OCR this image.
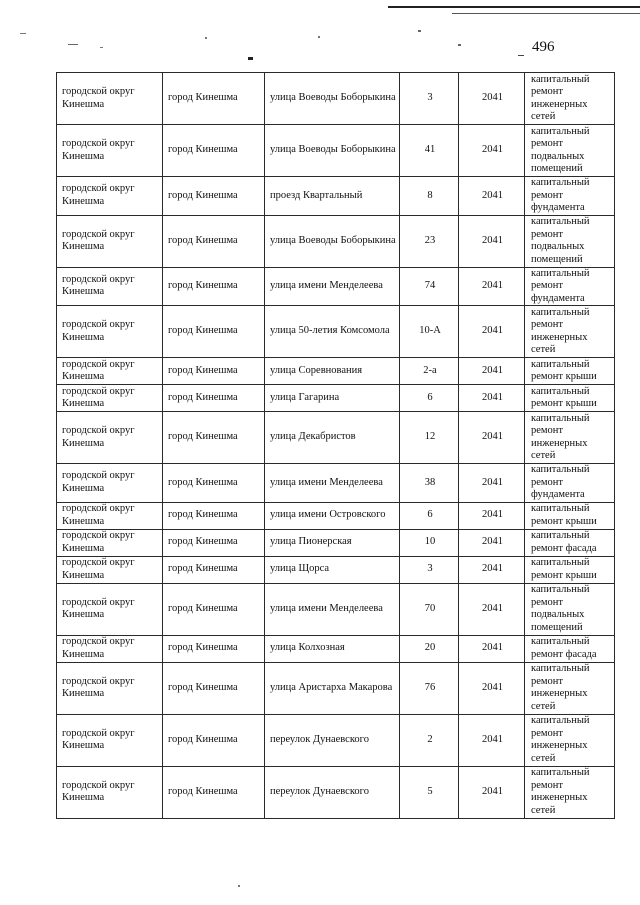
496
городской округ Кинешма	город Кинешма	улица Воеводы Боборыкина	3	2041	капитальный ремонт инженерных сетей
городской округ Кинешма	город Кинешма	улица Воеводы Боборыкина	41	2041	капитальный ремонт подвальных помещений
городской округ Кинешма	город Кинешма	проезд Квартальный	8	2041	капитальный ремонт фундамента
городской округ Кинешма	город Кинешма	улица Воеводы Боборыкина	23	2041	капитальный ремонт подвальных помещений
городской округ Кинешма	город Кинешма	улица имени Менделеева	74	2041	капитальный ремонт фундамента
городской округ Кинешма	город Кинешма	улица 50-летия Комсомола	10-А	2041	капитальный ремонт инженерных сетей
городской округ Кинешма	город Кинешма	улица Соревнования	2-а	2041	капитальный ремонт крыши
городской округ Кинешма	город Кинешма	улица Гагарина	6	2041	капитальный ремонт крыши
городской округ Кинешма	город Кинешма	улица Декабристов	12	2041	капитальный ремонт инженерных сетей
городской округ Кинешма	город Кинешма	улица имени Менделеева	38	2041	капитальный ремонт фундамента
городской округ Кинешма	город Кинешма	улица имени Островского	6	2041	капитальный ремонт крыши
городской округ Кинешма	город Кинешма	улица Пионерская	10	2041	капитальный ремонт фасада
городской округ Кинешма	город Кинешма	улица Щорса	3	2041	капитальный ремонт крыши
городской округ Кинешма	город Кинешма	улица имени Менделеева	70	2041	капитальный ремонт подвальных помещений
городской округ Кинешма	город Кинешма	улица Колхозная	20	2041	капитальный ремонт фасада
городской округ Кинешма	город Кинешма	улица Аристарха Макарова	76	2041	капитальный ремонт инженерных сетей
городской округ Кинешма	город Кинешма	переулок Дунаевского	2	2041	капитальный ремонт инженерных сетей
городской округ Кинешма	город Кинешма	переулок Дунаевского	5	2041	капитальный ремонт инженерных сетей
